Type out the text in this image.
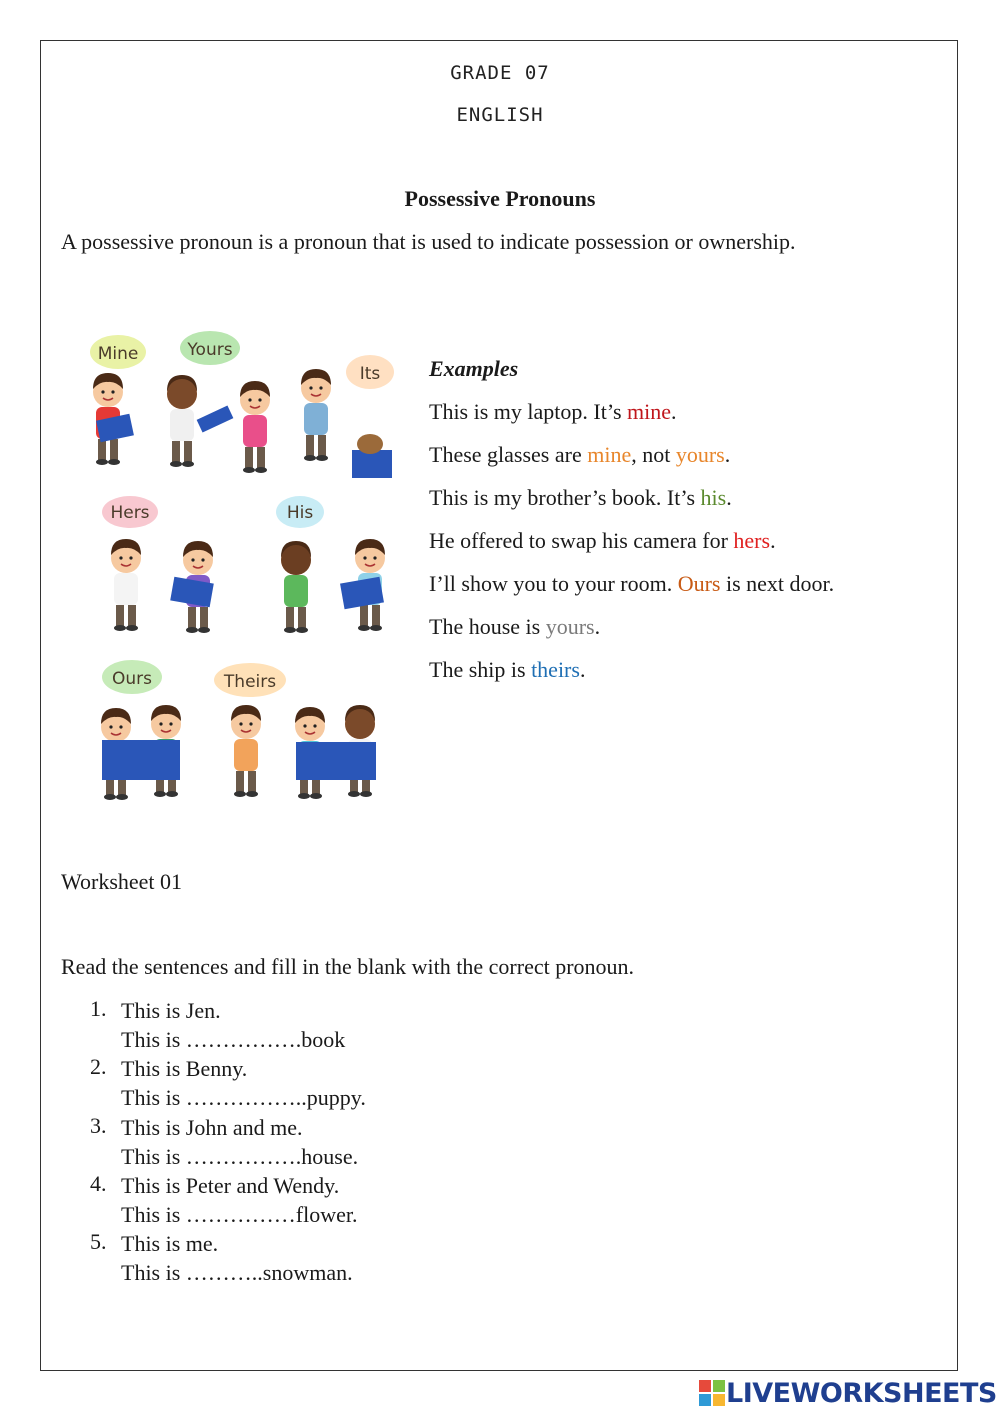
GRADE 07
ENGLISH
Possessive Pronouns
A possessive pronoun is a pronoun that is used to indicate possession or ownership.
Mine	Yours
Its
Hers	His
Ours	Theirs
Examples
This is my laptop. It’s mine.
These glasses are mine, not yours.
This is my brother’s book. It’s his.
He offered to swap his camera for hers.
I’ll show you to your room. Ours is next door.
The house is yours.
The ship is theirs.
Worksheet 01
Read the sentences and fill in the blank with the correct pronoun.
1. This is Jen.
This is …………….book
2. This is Benny.
This is ……………..puppy.
3. This is John and me.
This is …………….house.
4. This is Peter and Wendy.
This is ……………flower.
5. This is me.
This is ………..snowman.
LIVEWORKSHEETS
